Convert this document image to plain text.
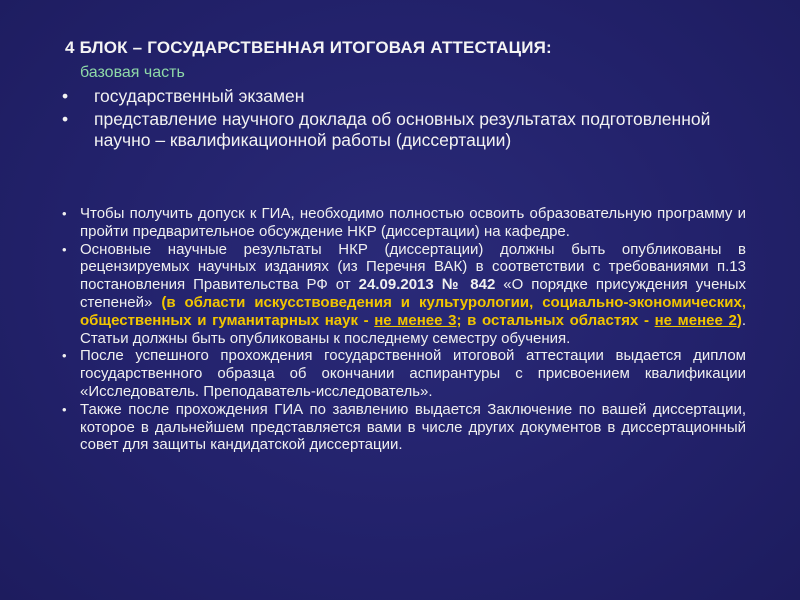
4 БЛОК – ГОСУДАРСТВЕННАЯ ИТОГОВАЯ АТТЕСТАЦИЯ:
базовая часть
• государственный экзамен
• представление научного доклада об основных результатах подготовленной научно – квалификационной работы (диссертации)

• Чтобы получить допуск к ГИА, необходимо полностью освоить образовательную программу и пройти предварительное обсуждение НКР (диссертации) на кафедре.

• Основные научные результаты НКР (диссертации) должны быть опубликованы в рецензируемых научных изданиях (из Перечня ВАК) в соответствии с требованиями п.13 постановления Правительства РФ от 24.09.2013 № 842 «О порядке присуждения ученых степеней» (в области искусствоведения и культурологии, социально-экономических, общественных и гуманитарных наук - не менее 3; в остальных областях - не менее 2). Статьи должны быть опубликованы к последнему семестру обучения.

• После успешного прохождения государственной итоговой аттестации выдается диплом государственного образца об окончании аспирантуры с присвоением квалификации «Исследователь. Преподаватель-исследователь».

• Также после прохождения ГИА по заявлению выдается Заключение по вашей диссертации, которое в дальнейшем представляется вами в числе других документов в диссертационный совет для защиты кандидатской диссертации.
